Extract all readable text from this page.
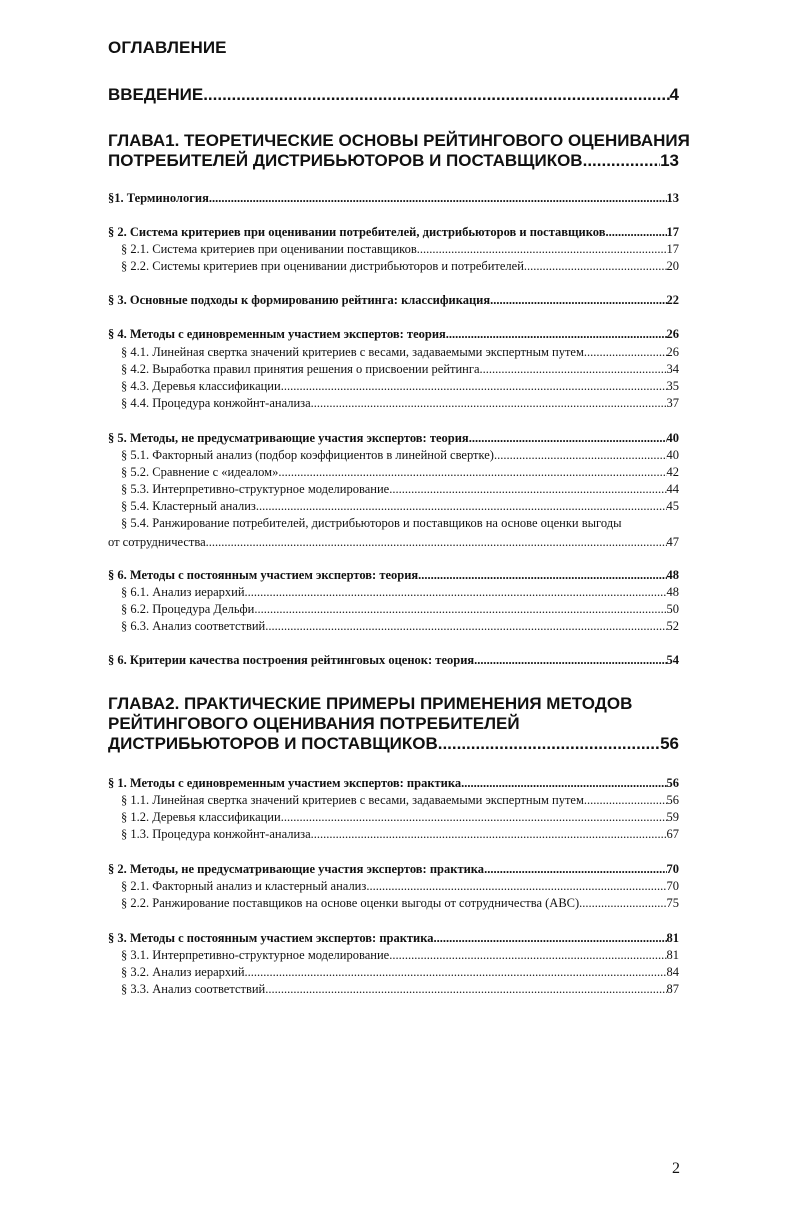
ОГЛАВЛЕНИЕ
ВВЕДЕНИЕ .....	4
ГЛАВА1. ТЕОРЕТИЧЕСКИЕ ОСНОВЫ РЕЙТИНГОВОГО ОЦЕНИВАНИЯ
ПОТРЕБИТЕЛЕЙ ДИСТРИБЬЮТОРОВ И ПОСТАВЩИКОВ .....	13
§1. Терминология .....	13
§ 2. Система критериев при оценивании потребителей, дистрибьюторов и поставщиков .....	17
§ 2.1. Система критериев при оценивании поставщиков .....	17
§ 2.2. Системы критериев при оценивании дистрибьюторов и потребителей .....	20
§ 3. Основные подходы к формированию рейтинга: классификация .....	22
§ 4. Методы с единовременным участием экспертов: теория .....	26
§ 4.1. Линейная свертка значений критериев с весами, задаваемыми экспертным путем .....	26
§ 4.2. Выработка правил принятия решения о присвоении рейтинга .....	34
§ 4.3. Деревья классификации .....	35
§ 4.4. Процедура конжойнт-анализа .....	37
§ 5. Методы, не предусматривающие участия экспертов: теория .....	40
§ 5.1. Факторный анализ (подбор коэффициентов в линейной свертке) .....	40
§ 5.2. Сравнение с «идеалом» .....	42
§ 5.3. Интерпретивно-структурное моделирование. .....	44
§ 5.4. Кластерный анализ .....	45
§ 5.4. Ранжирование потребителей, дистрибьюторов и поставщиков на основе оценки выгоды
от сотрудничества .....	47
§ 6. Методы с постоянным участием экспертов: теория .....	48
§ 6.1. Анализ иерархий .....	48
§ 6.2. Процедура Дельфи .....	50
§ 6.3. Анализ соответствий .....	52
§ 6. Критерии качества построения рейтинговых оценок: теория .....	54
ГЛАВА2. ПРАКТИЧЕСКИЕ ПРИМЕРЫ ПРИМЕНЕНИЯ МЕТОДОВ
РЕЙТИНГОВОГО ОЦЕНИВАНИЯ ПОТРЕБИТЕЛЕЙ
ДИСТРИБЬЮТОРОВ И ПОСТАВЩИКОВ .....	56
§ 1. Методы с единовременным участием экспертов: практика .....	56
§ 1.1. Линейная свертка значений критериев с весами, задаваемыми экспертным путем .....	56
§ 1.2. Деревья классификации .....	59
§ 1.3. Процедура конжойнт-анализа .....	67
§ 2. Методы, не предусматривающие участия экспертов: практика .....	70
§ 2.1. Факторный анализ и кластерный анализ .....	70
§ 2.2. Ранжирование поставщиков на основе оценки выгоды от сотрудничества (АВС) .....	75
§ 3. Методы с постоянным участием экспертов: практика .....	81
§ 3.1. Интерпретивно-структурное моделирование .....	81
§ 3.2. Анализ иерархий .....	84
§ 3.3. Анализ соответствий .....	87
2
